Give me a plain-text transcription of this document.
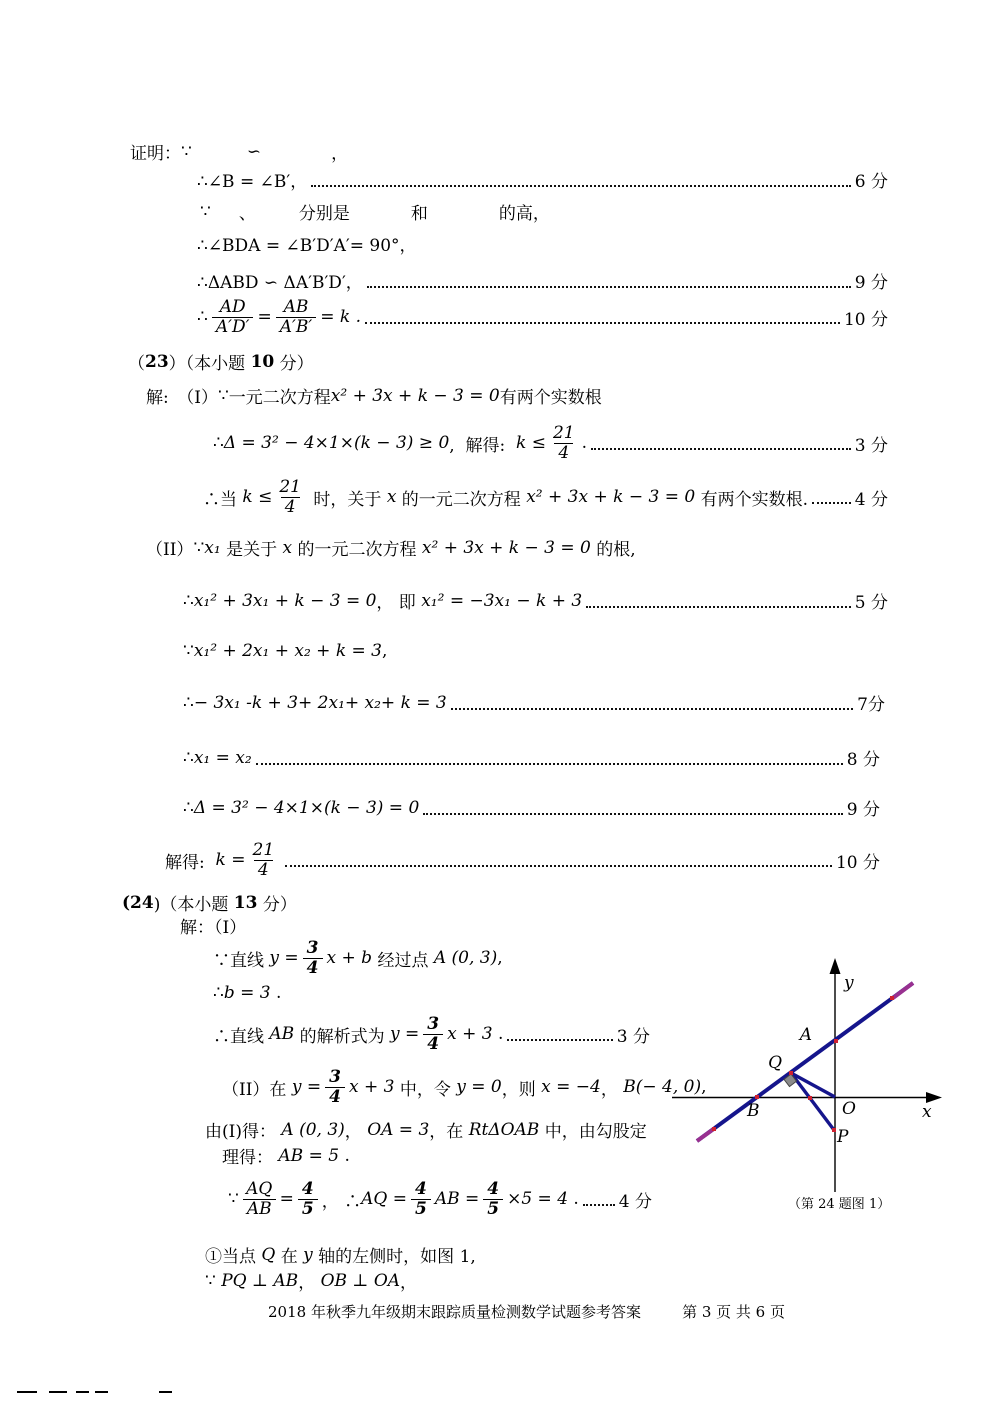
证明： ∵	∽	，
∴∠B = ∠B′，	6 分
∵ 、	分别是	和	的高，
∴∠BDA = ∠B′D′A′= 90°，
∴ΔABD ∽ ΔA′B′D′，	9 分
∴ $\frac{AD}{A'D'} = \frac{AB}{A'B'} = k$ .	10 分
（ 23 ）（本小题 10 分）
解:　（I） ∵ 一元二次方程 x² + 3x + k − 3 = 0 有两个实数根
∴ Δ = 3² − 4×1×(k − 3) ≥ 0 ,  解得: $k \le \frac{21}{4}$ .	3 分
∴当 $k \le \frac{21}{4}$ 时，关于 x 的一元二次方程 x² + 3x + k − 3 = 0 有两个实数根.	4 分
（II） ∵ x₁ 是关于 x 的一元二次方程 x² + 3x + k − 3 = 0 的根,
∴ x₁² + 3x₁ + k − 3 = 0 ， 即 x₁² = −3x₁ − k + 3	5 分
∵ x₁² + 2x₁ + x₂ + k = 3 ,
∴ − 3x₁ -k + 3+ 2x₁+ x₂+ k = 3	7分
∴ x₁ = x₂	8 分
∴ Δ = 3² − 4×1×(k − 3) = 0	9 分
解得: $k = \frac{21}{4}$	10 分
( 24 )（本小题 13 分）
解：（I）
∵直线 $y = \frac{3}{4}$ x + b 经过点 A (0, 3) ,
∴ b = 3 .
∴直线 AB 的解析式为 $y = \frac{3}{4}$ x + 3 .	3 分
（II）在 $y = \frac{3}{4}$ x + 3 中，令 y = 0 ，则 x = −4 ， B(− 4, 0) ,
由(I)得： A (0, 3) ， OA = 3 ，在 RtΔOAB 中，由勾股定
理得： AB = 5 .
∵ $\frac{AQ}{AB} = \frac{4}{5}$ ， ∴ AQ = $\frac{4}{5}$ AB = $\frac{4}{5} \times 5 = 4$ . 4 分
①当点 Q 在 y 轴的左侧时，如图 1,
∵ PQ ⊥ AB ， OB ⊥ OA ，
y
x
O
A
B
Q
P
（第 24 题图 1）
2018 年秋季九年级期末跟踪质量检测数学试题参考答案	第 3 页 共 6 页
